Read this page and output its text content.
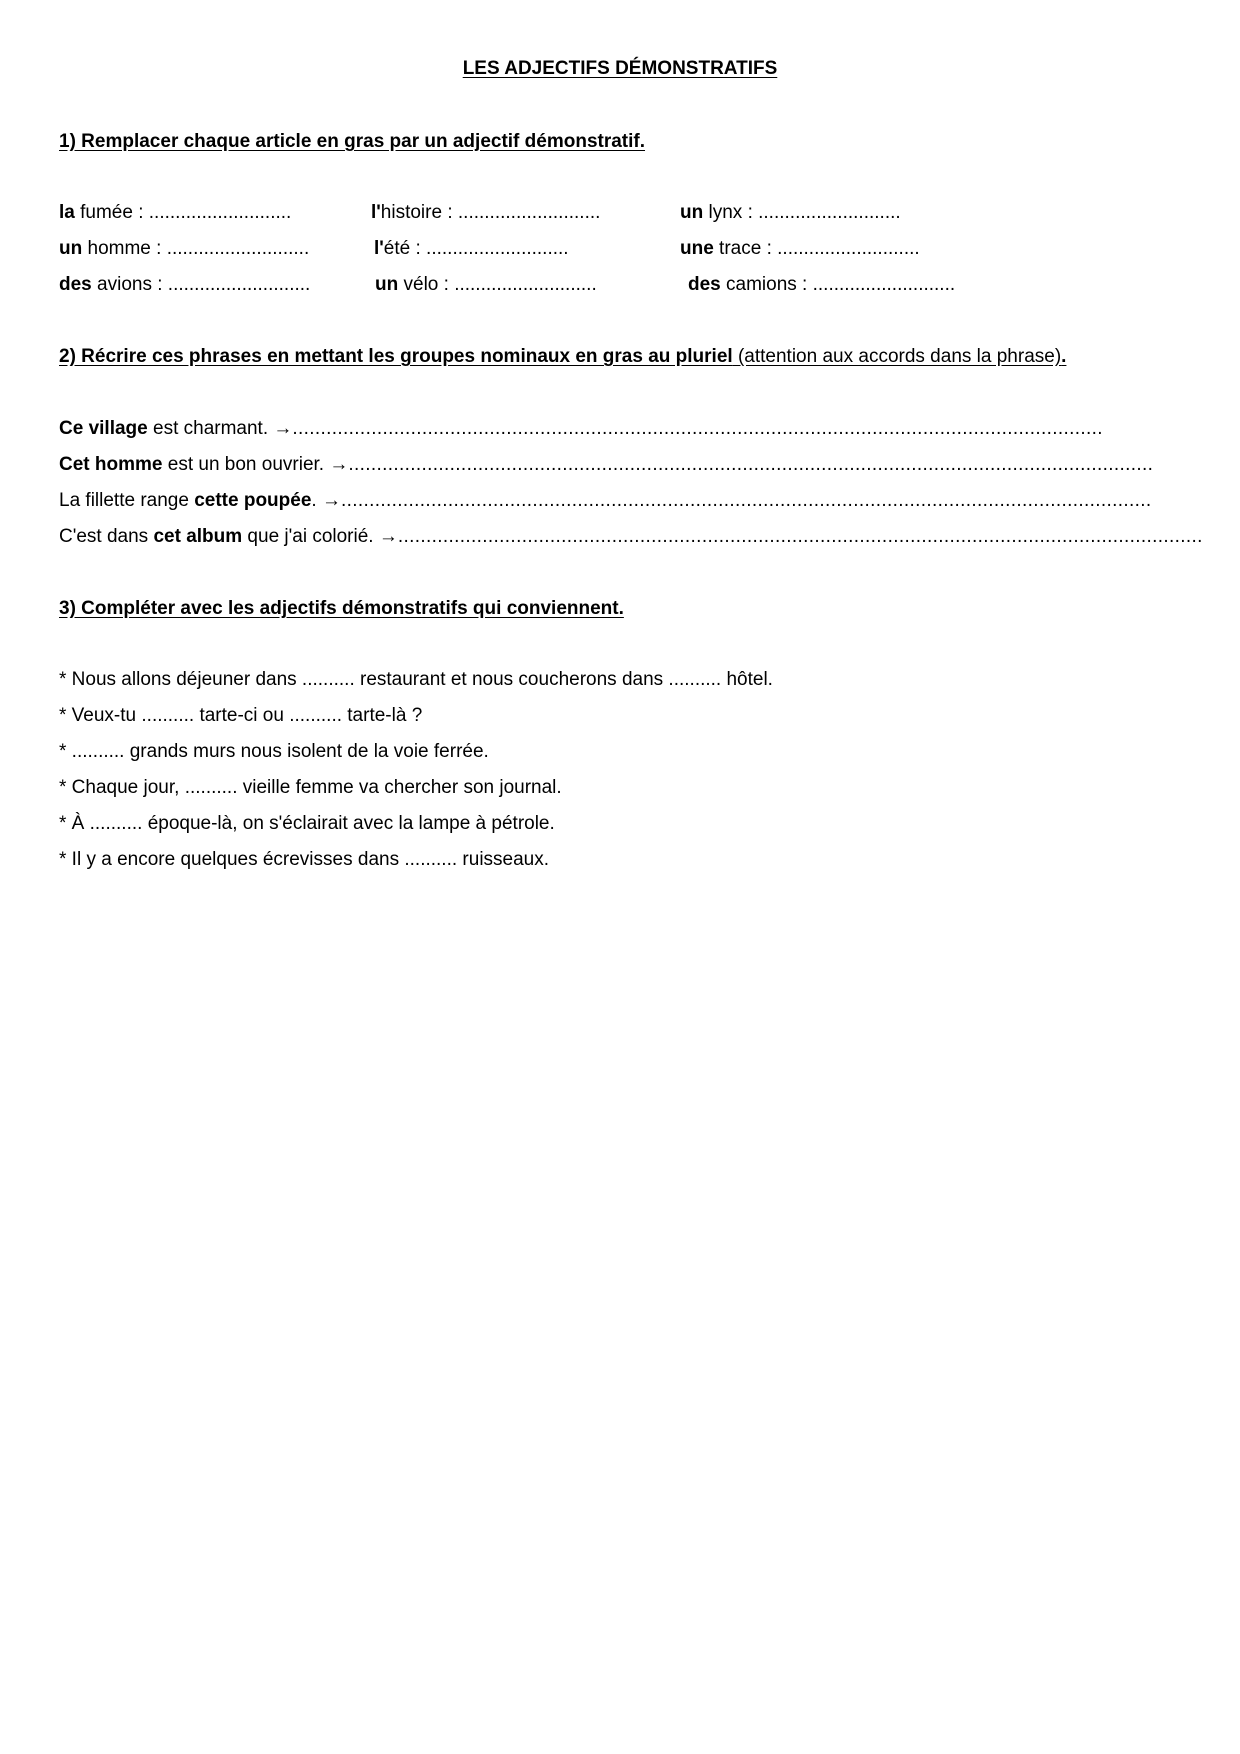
LES ADJECTIFS DÉMONSTRATIFS
1) Remplacer chaque article en gras par un adjectif démonstratif.
la fumée : ...........................	l'histoire : ...........................	un lynx : ...........................
un homme : ...........................	l'été : ...........................	une trace : ...........................
des avions : ...........................	un vélo : ...........................	des camions : ...........................
2) Récrire ces phrases en mettant les groupes nominaux en gras au pluriel (attention aux accords dans la phrase).
Ce village est charmant. →................................................................................................................................................
Cet homme est un bon ouvrier. →...............................................................................................................................................
La fillette range cette poupée. →................................................................................................................................................
C'est dans cet album que j'ai colorié. →...............................................................................................................................................
3) Compléter avec les adjectifs démonstratifs qui conviennent.
* Nous allons déjeuner dans .......... restaurant et nous coucherons dans .......... hôtel.
* Veux-tu .......... tarte-ci ou .......... tarte-là ?
* .......... grands murs nous isolent de la voie ferrée.
* Chaque jour, .......... vieille femme va chercher son journal.
* À .......... époque-là, on s'éclairait avec la lampe à pétrole.
* Il y a encore quelques écrevisses dans .......... ruisseaux.
